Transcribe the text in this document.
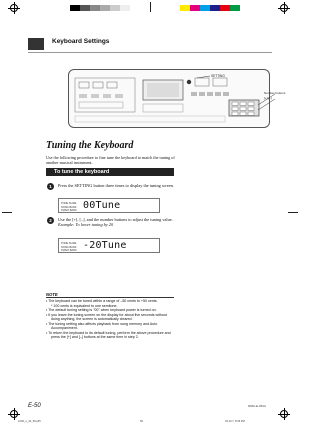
Keyboard Settings
SETTING
Number buttons
[+] [–]
Tuning the Keyboard
Use the following procedure to fine tune the keyboard to match the tuning of another musical instrument.
To tune the keyboard
1	Press the SETTING button three times to display the tuning screen.
TONE SLIDE
SONG BANK
PIANO BANK 00Tune
2	Use the [+], [–], and the number buttons to adjust the tuning value.
Example: To lower tuning by 20
TONE SLIDE
SONG BANK
PIANO BANK -20Tune
NOTE

• The keyboard can be tuned within a range of –50 cents to +50 cents.

* 100 cents is equivalent to one semitone.

• The default tuning setting is "00" when keyboard power is turned on.

• If you leave the tuning screen on the display for about five seconds without doing anything, the screen is automatically cleared.

• The tuning setting also affects playback from song memory and Auto Accompaniment.

• To return the keyboard to its default tuning, perform the above procedure and press the [+] and [–] buttons at the same time in step 2.

E-50	608A-E-052A
LK90_e_44_59.p65	50	03.10.7, 8:35 PM
